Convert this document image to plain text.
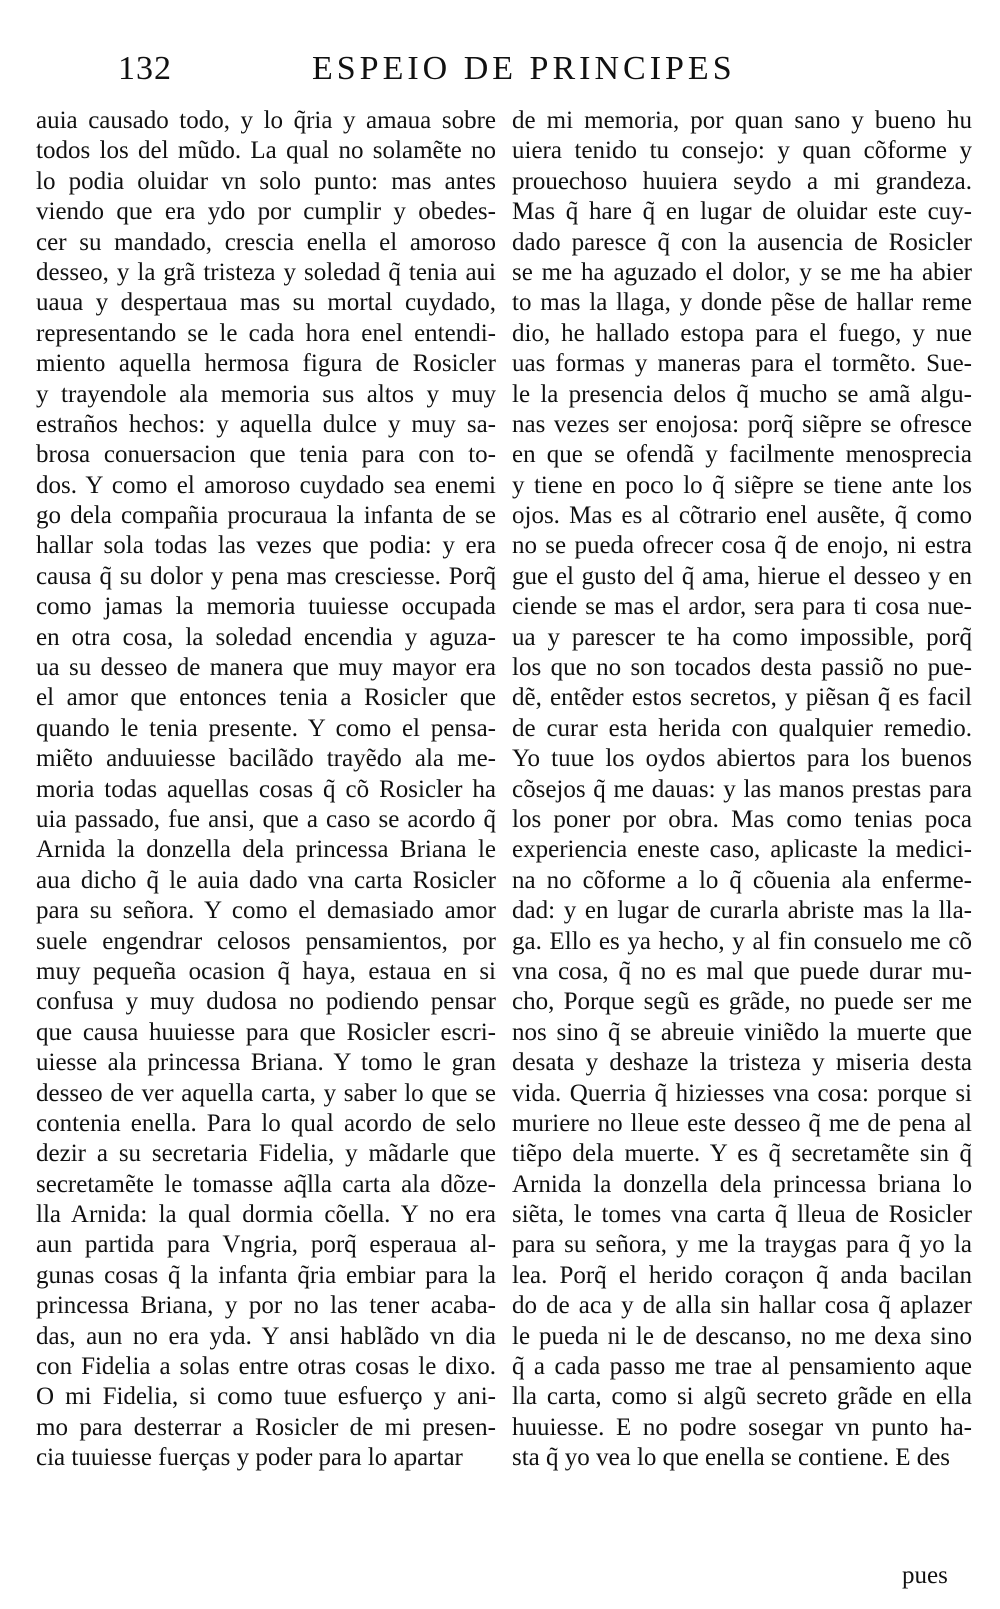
132	ESPEIO DE PRINCIPES
auia causado todo, y lo q̃ria y amaua sobre
todos los del mũdo. La qual no solamẽte no
lo podia oluidar vn solo punto: mas antes
viendo que era ydo por cumplir y obedes-
cer su mandado, crescia enella el amoroso
desseo, y la grã tristeza y soledad q̃ tenia aui
uaua y despertaua mas su mortal cuydado,
representando se le cada hora enel entendi-
miento aquella hermosa figura de Rosicler
y trayendole ala memoria sus altos y muy
estraños hechos: y aquella dulce y muy sa-
brosa conuersacion que tenia para con to-
dos. Y como el amoroso cuydado sea enemi
go dela compañia procuraua la infanta de se
hallar sola todas las vezes que podia: y era
causa q̃ su dolor y pena mas cresciesse. Porq̃
como jamas la memoria tuuiesse occupada
en otra cosa, la soledad encendia y aguza-
ua su desseo de manera que muy mayor era
el amor que entonces tenia a Rosicler que
quando le tenia presente. Y como el pensa-
miẽto anduuiesse bacilãdo trayẽdo ala me-
moria todas aquellas cosas q̃ cõ Rosicler ha
uia passado, fue ansi, que a caso se acordo q̃
Arnida la donzella dela princessa Briana le
aua dicho q̃ le auia dado vna carta Rosicler
para su señora. Y como el demasiado amor
suele engendrar celosos pensamientos, por
muy pequeña ocasion q̃ haya, estaua en si
confusa y muy dudosa no podiendo pensar
que causa huuiesse para que Rosicler escri-
uiesse ala princessa Briana. Y tomo le gran
desseo de ver aquella carta, y saber lo que se
contenia enella. Para lo qual acordo de selo
dezir a su secretaria Fidelia, y mãdarle que
secretamẽte le tomasse aq̃lla carta ala dõze-
lla Arnida: la qual dormia cõella. Y no era
aun partida para Vngria, porq̃ esperaua al-
gunas cosas q̃ la infanta q̃ria embiar para la
princessa Briana, y por no las tener acaba-
das, aun no era yda. Y ansi hablãdo vn dia
con Fidelia a solas entre otras cosas le dixo.
O mi Fidelia, si como tuue esfuerço y ani-
mo para desterrar a Rosicler de mi presen-
cia tuuiesse fuerças y poder para lo apartar
de mi memoria, por quan sano y bueno hu
uiera tenido tu consejo: y quan cõforme y
prouechoso huuiera seydo a mi grandeza.
Mas q̃ hare q̃ en lugar de oluidar este cuy-
dado paresce q̃ con la ausencia de Rosicler
se me ha aguzado el dolor, y se me ha abier
to mas la llaga, y donde pẽse de hallar reme
dio, he hallado estopa para el fuego, y nue
uas formas y maneras para el tormẽto. Sue-
le la presencia delos q̃ mucho se amã algu-
nas vezes ser enojosa: porq̃ siẽpre se ofresce
en que se ofendã y facilmente menosprecia
y tiene en poco lo q̃ siẽpre se tiene ante los
ojos. Mas es al cõtrario enel ausẽte, q̃ como
no se pueda ofrecer cosa q̃ de enojo, ni estra
gue el gusto del q̃ ama, hierue el desseo y en
ciende se mas el ardor, sera para ti cosa nue-
ua y parescer te ha como impossible, porq̃
los que no son tocados desta passiõ no pue-
dẽ, entẽder estos secretos, y piẽsan q̃ es facil
de curar esta herida con qualquier remedio.
Yo tuue los oydos abiertos para los buenos
cõsejos q̃ me dauas: y las manos prestas para
los poner por obra. Mas como tenias poca
experiencia eneste caso, aplicaste la medici-
na no cõforme a lo q̃ cõuenia ala enferme-
dad: y en lugar de curarla abriste mas la lla-
ga. Ello es ya hecho, y al fin consuelo me cõ
vna cosa, q̃ no es mal que puede durar mu-
cho, Porque segũ es grãde, no puede ser me
nos sino q̃ se abreuie viniẽdo la muerte que
desata y deshaze la tristeza y miseria desta
vida. Querria q̃ hiziesses vna cosa: porque si
muriere no lleue este desseo q̃ me de pena al
tiẽpo dela muerte. Y es q̃ secretamẽte sin q̃
Arnida la donzella dela princessa briana lo
siẽta, le tomes vna carta q̃ lleua de Rosicler
para su señora, y me la traygas para q̃ yo la
lea. Porq̃ el herido coraçon q̃ anda bacilan
do de aca y de alla sin hallar cosa q̃ aplazer
le pueda ni le de descanso, no me dexa sino
q̃ a cada passo me trae al pensamiento aque
lla carta, como si algũ secreto grãde en ella
huuiesse. E no podre sosegar vn punto ha-
sta q̃ yo vea lo que enella se contiene. E des
pues
